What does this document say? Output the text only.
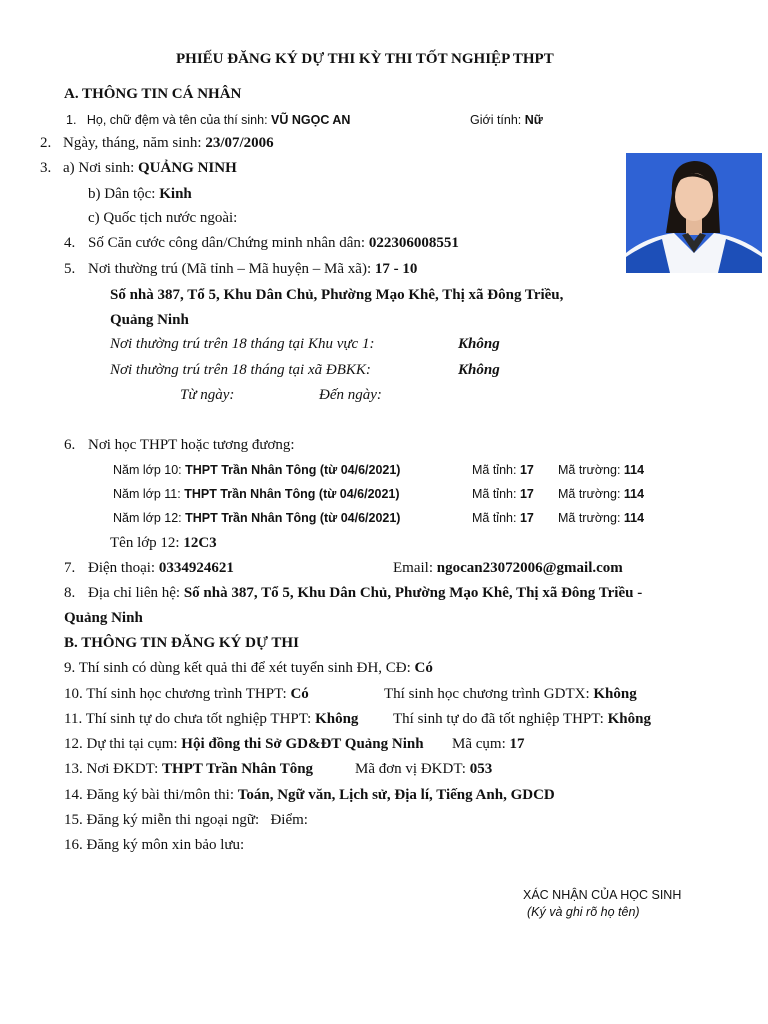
PHIẾU ĐĂNG KÝ DỰ THI KỲ THI TỐT NGHIỆP THPT
A. THÔNG TIN CÁ NHÂN
1. Họ, chữ đệm và tên của thí sinh: VŨ NGỌC AN	Giới tính: Nữ
2. Ngày, tháng, năm sinh: 23/07/2006
3. a) Nơi sinh: QUẢNG NINH
b) Dân tộc: Kinh
c) Quốc tịch nước ngoài:
4. Số Căn cước công dân/Chứng minh nhân dân: 022306008551
5. Nơi thường trú (Mã tỉnh – Mã huyện – Mã xã): 17 - 10
Số nhà 387, Tổ 5, Khu Dân Chủ, Phường Mạo Khê, Thị xã Đông Triều,
Quảng Ninh
Nơi thường trú trên 18 tháng tại Khu vực 1:	Không
Nơi thường trú trên 18 tháng tại xã ĐBKK:	Không
Từ ngày:	Đến ngày:
6. Nơi học THPT hoặc tương đương:
Năm lớp 10: THPT Trần Nhân Tông (từ 04/6/2021)	Mã tỉnh: 17 Mã trường: 114
Năm lớp 11: THPT Trần Nhân Tông (từ 04/6/2021)	Mã tỉnh: 17 Mã trường: 114
Năm lớp 12: THPT Trần Nhân Tông (từ 04/6/2021)	Mã tỉnh: 17 Mã trường: 114
Tên lớp 12: 12C3
7. Điện thoại: 0334924621	Email: ngocan23072006@gmail.com
8. Địa chỉ liên hệ: Số nhà 387, Tổ 5, Khu Dân Chủ, Phường Mạo Khê, Thị xã Đông Triều -
Quảng Ninh
B. THÔNG TIN ĐĂNG KÝ DỰ THI
9. Thí sinh có dùng kết quả thi để xét tuyển sinh ĐH, CĐ: Có
10. Thí sinh học chương trình THPT: Có	Thí sinh học chương trình GDTX: Không
11. Thí sinh tự do chưa tốt nghiệp THPT: Không Thí sinh tự do đã tốt nghiệp THPT: Không
12. Dự thi tại cụm: Hội đồng thi Sở GD&ĐT Quảng Ninh Mã cụm: 17
13. Nơi ĐKDT: THPT Trần Nhân Tông	Mã đơn vị ĐKDT: 053
14. Đăng ký bài thi/môn thi: Toán, Ngữ văn, Lịch sử, Địa lí, Tiếng Anh, GDCD
15. Đăng ký miễn thi ngoại ngữ: Điểm:
16. Đăng ký môn xin bảo lưu:
XÁC NHẬN CỦA HỌC SINH
(Ký và ghi rõ họ tên)
